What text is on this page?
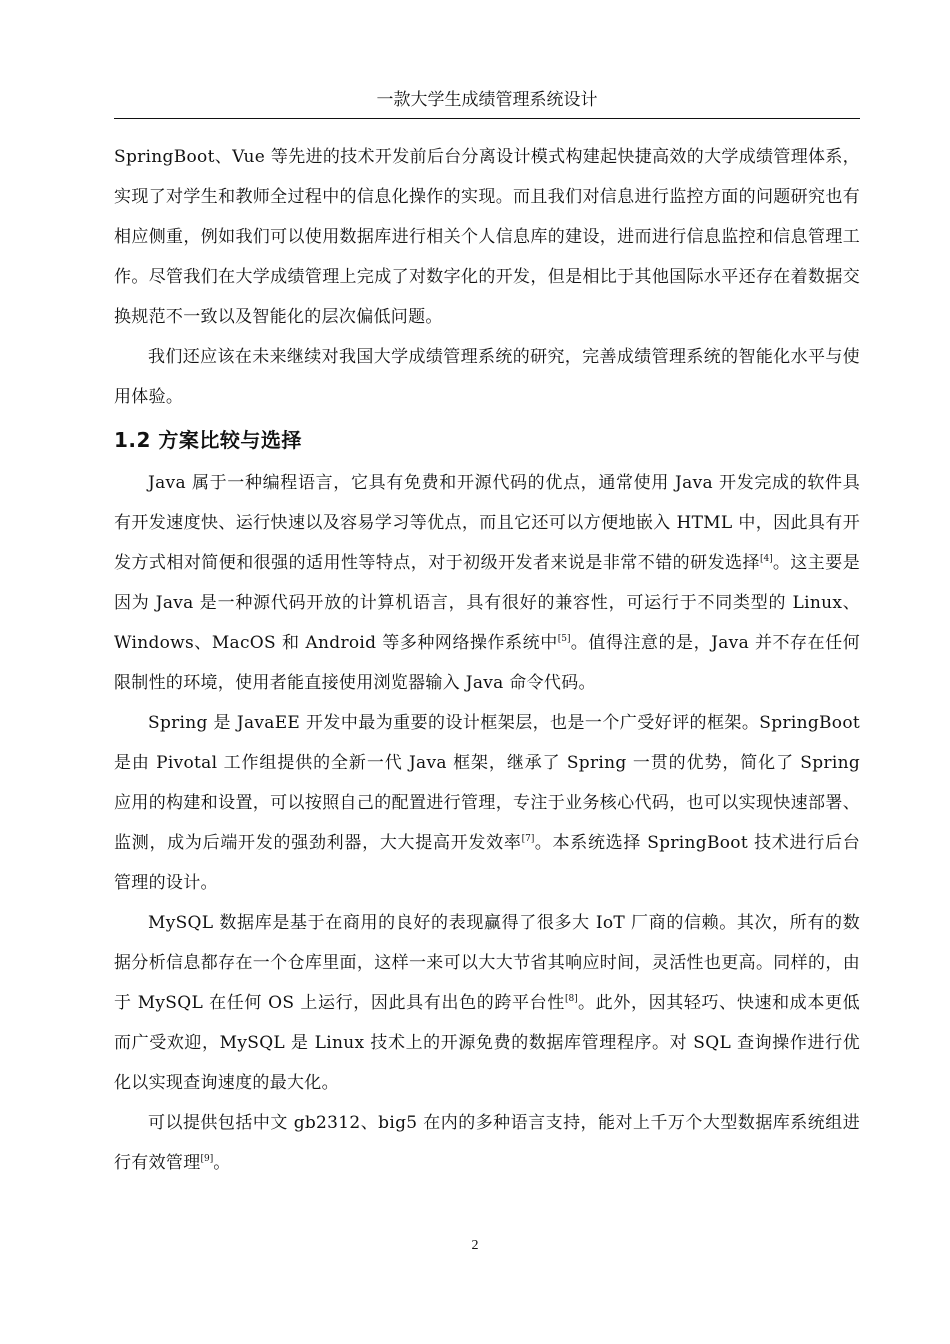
一款大学生成绩管理系统设计

SpringBoot、Vue 等先进的技术开发前后台分离设计模式构建起快捷高效的大学成绩管理体系，实现了对学生和教师全过程中的信息化操作的实现。而且我们对信息进行监控方面的问题研究也有相应侧重，例如我们可以使用数据库进行相关个人信息库的建设，进而进行信息监控和信息管理工作。尽管我们在大学成绩管理上完成了对数字化的开发，但是相比于其他国际水平还存在着数据交换规范不一致以及智能化的层次偏低问题。

我们还应该在未来继续对我国大学成绩管理系统的研究，完善成绩管理系统的智能化水平与使用体验。

1.2 方案比较与选择

Java 属于一种编程语言，它具有免费和开源代码的优点，通常使用 Java 开发完成的软件具有开发速度快、运行快速以及容易学习等优点，而且它还可以方便地嵌入 HTML 中，因此具有开发方式相对简便和很强的适用性等特点，对于初级开发者来说是非常不错的研发选择[4]。这主要是因为 Java 是一种源代码开放的计算机语言，具有很好的兼容性，可运行于不同类型的 Linux、Windows、MacOS 和 Android 等多种网络操作系统中[5]。值得注意的是，Java 并不存在任何限制性的环境，使用者能直接使用浏览器输入 Java 命令代码。

Spring 是 JavaEE 开发中最为重要的设计框架层，也是一个广受好评的框架。SpringBoot 是由 Pivotal 工作组提供的全新一代 Java 框架，继承了 Spring 一贯的优势，简化了 Spring 应用的构建和设置，可以按照自己的配置进行管理，专注于业务核心代码，也可以实现快速部署、监测，成为后端开发的强劲利器，大大提高开发效率[7]。本系统选择 SpringBoot 技术进行后台管理的设计。

MySQL 数据库是基于在商用的良好的表现赢得了很多大 IoT 厂商的信赖。其次，所有的数据分析信息都存在一个仓库里面，这样一来可以大大节省其响应时间，灵活性也更高。同样的，由于 MySQL 在任何 OS 上运行，因此具有出色的跨平台性[8]。此外，因其轻巧、快速和成本更低而广受欢迎，MySQL 是 Linux 技术上的开源免费的数据库管理程序。对 SQL 查询操作进行优化以实现查询速度的最大化。

可以提供包括中文 gb2312、big5 在内的多种语言支持，能对上千万个大型数据库系统组进行有效管理[9]。

2
